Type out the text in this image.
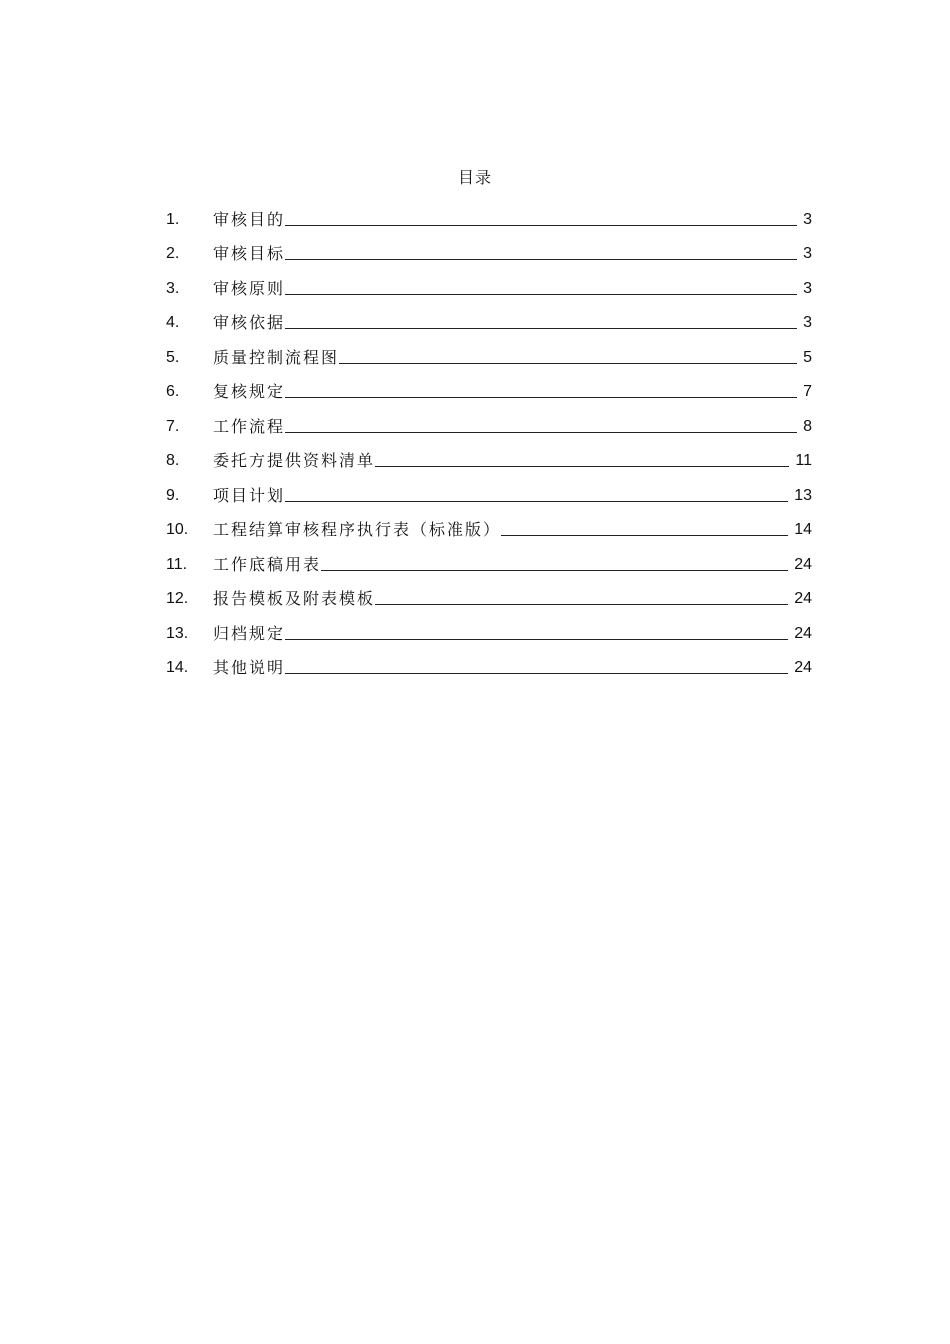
目录
1.	审核目的	3
2.	审核目标	3
3.	审核原则	3
4.	审核依据	3
5.	质量控制流程图	5
6.	复核规定	7
7.	工作流程	8
8.	委托方提供资料清单	11
9.	项目计划	13
10.	工程结算审核程序执行表（标准版）	14
11.	工作底稿用表	24
12.	报告模板及附表模板	24
13.	归档规定	24
14.	其他说明	24
